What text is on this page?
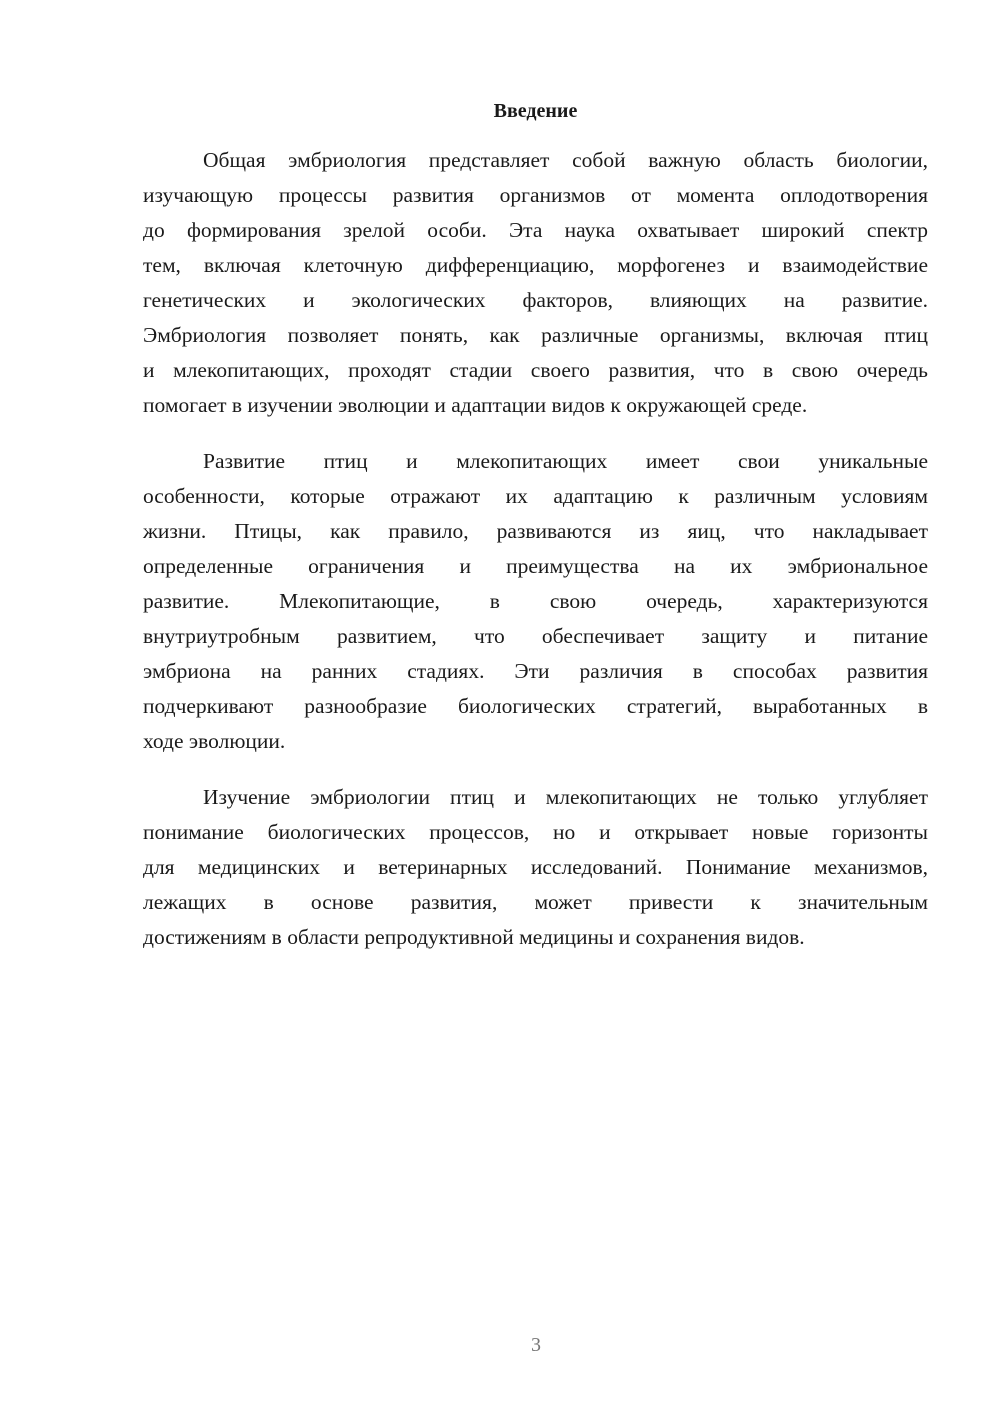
Введение
Общая эмбриология представляет собой важную область биологии,
изучающую процессы развития организмов от момента оплодотворения
до формирования зрелой особи. Эта наука охватывает широкий спектр
тем, включая клеточную дифференциацию, морфогенез и взаимодействие
генетических и экологических факторов, влияющих на развитие.
Эмбриология позволяет понять, как различные организмы, включая птиц
и млекопитающих, проходят стадии своего развития, что в свою очередь
помогает в изучении эволюции и адаптации видов к окружающей среде.
Развитие птиц и млекопитающих имеет свои уникальные
особенности, которые отражают их адаптацию к различным условиям
жизни. Птицы, как правило, развиваются из яиц, что накладывает
определенные ограничения и преимущества на их эмбриональное
развитие. Млекопитающие, в свою очередь, характеризуются
внутриутробным развитием, что обеспечивает защиту и питание
эмбриона на ранних стадиях. Эти различия в способах развития
подчеркивают разнообразие биологических стратегий, выработанных в
ходе эволюции.
Изучение эмбриологии птиц и млекопитающих не только углубляет
понимание биологических процессов, но и открывает новые горизонты
для медицинских и ветеринарных исследований. Понимание механизмов,
лежащих в основе развития, может привести к значительным
достижениям в области репродуктивной медицины и сохранения видов.
3
